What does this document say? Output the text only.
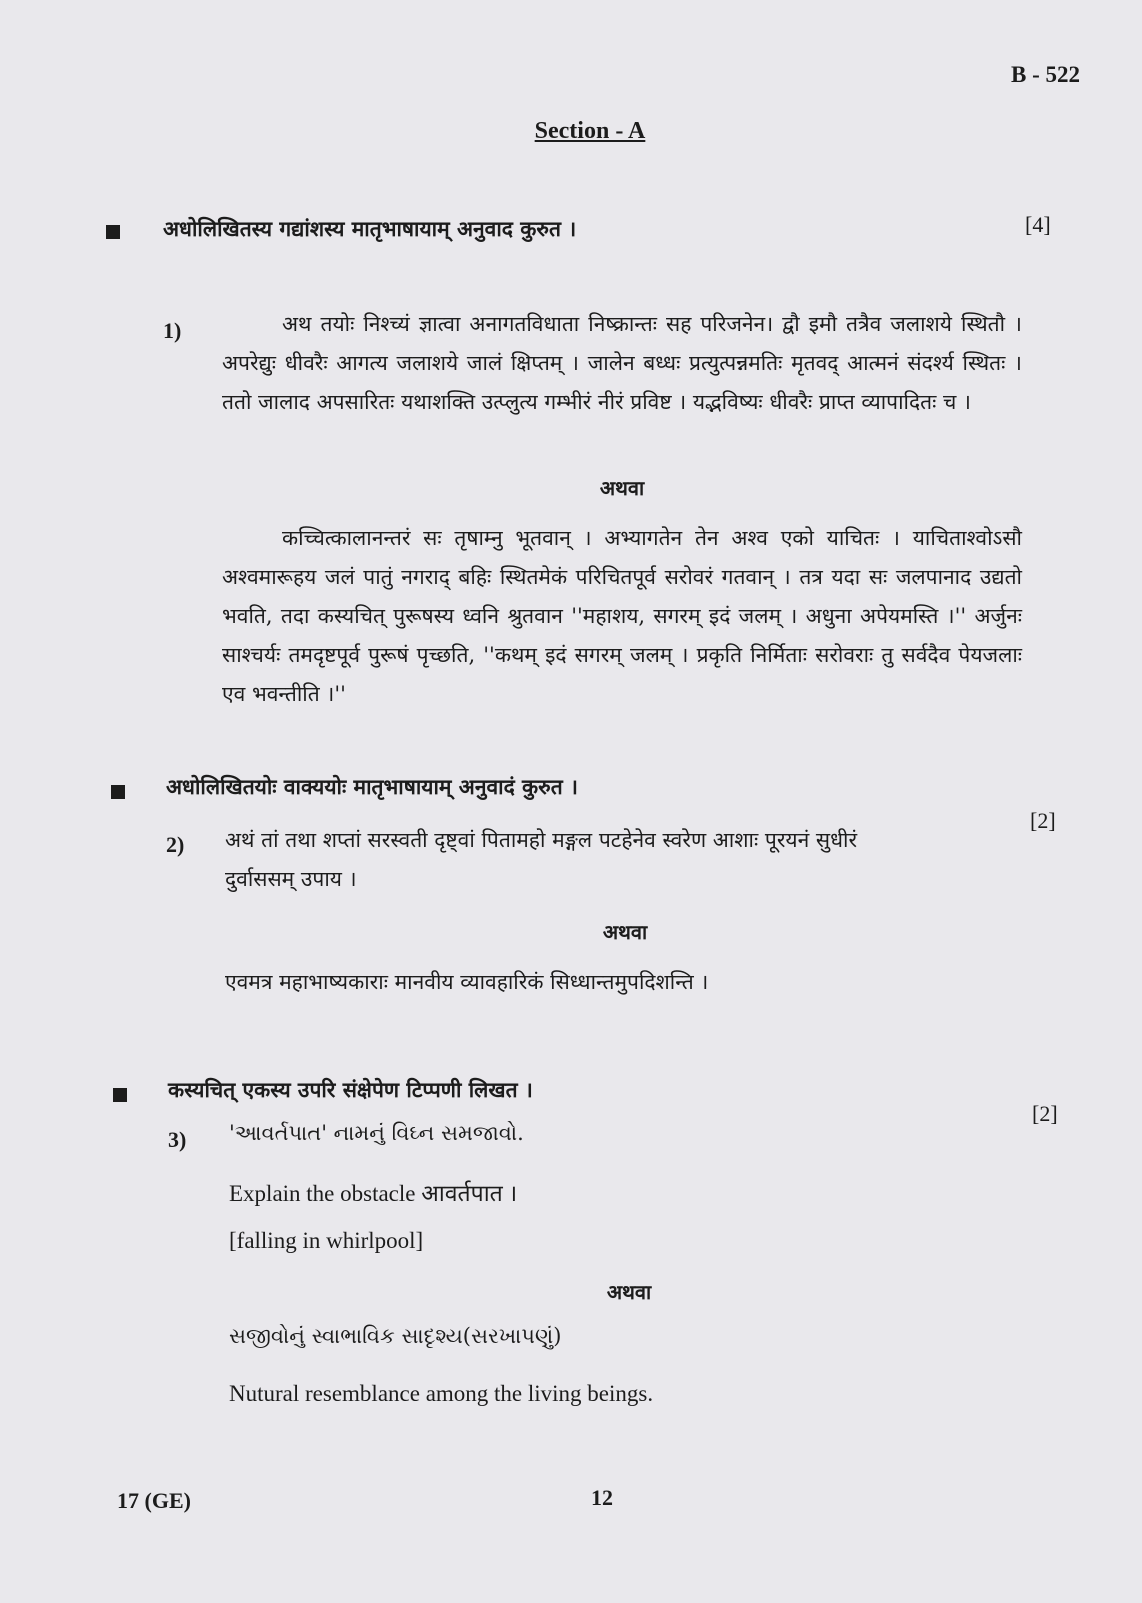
B - 522
Section - A
अधोलिखितस्य गद्यांशस्य मातृभाषायाम् अनुवाद कुरुत ।	[4]
1)	अथ तयोः निश्च्यं ज्ञात्वा अनागतविधाता निष्क्रान्तः सह परिजनेन। द्वौ इमौ तत्रैव जलाशये स्थितौ । अपरेद्युः धीवरैः आगत्य जलाशये जालं क्षिप्तम् । जालेन बध्धः प्रत्युत्पन्नमतिः मृतवद् आत्मनं संदर्श्य स्थितः । ततो जालाद अपसारितः यथाशक्ति उत्प्लुत्य गम्भीरं नीरं प्रविष्ट । यद्भविष्यः धीवरैः प्राप्त व्यापादितः च ।
अथवा
कच्चित्कालानन्तरं सः तृषाम्नु भूतवान् । अभ्यागतेन तेन अश्व एको याचितः । याचिताश्वोऽसौ अश्वमारूहय जलं पातुं नगराद् बहिः स्थितमेकं परिचितपूर्व सरोवरं गतवान् । तत्र यदा सः जलपानाद उद्यतो भवति, तदा कस्यचित् पुरूषस्य ध्वनि श्रुतवान ''महाशय, सगरम् इदं जलम् । अधुना अपेयमस्ति ।'' अर्जुनः साश्चर्यः तमदृष्टपूर्व पुरूषं पृच्छति, ''कथम् इदं सगरम् जलम् । प्रकृति निर्मिताः सरोवराः तु सर्वदैव पेयजलाः एव भवन्तीति ।''
अधोलिखितयोः वाक्ययोः मातृभाषायाम् अनुवादं कुरुत ।
[2]
2) अथं तां तथा शप्तां सरस्वती दृष्ट्वां पितामहो मङ्गल पटहेनेव स्वरेण आशाः पूरयनं सुधीरं
दुर्वाससम् उपाय ।
अथवा
एवमत्र महाभाष्यकाराः मानवीय व्यावहारिकं सिध्धान्तमुपदिशन्ति ।
कस्यचित् एकस्य उपरि संक्षेपेण टिप्पणी लिखत ।
[2]
3) 'આવર્તપાત' નામનું વિઘ્ન સમજાવો.
Explain the obstacle आवर्तपात ।
[falling in whirlpool]
अथवा
સજીવોનું સ્વાભાવિક સાદૃશ્ય(સરખાપણું)
Nutural resemblance among the living beings.
17 (GE)	12
